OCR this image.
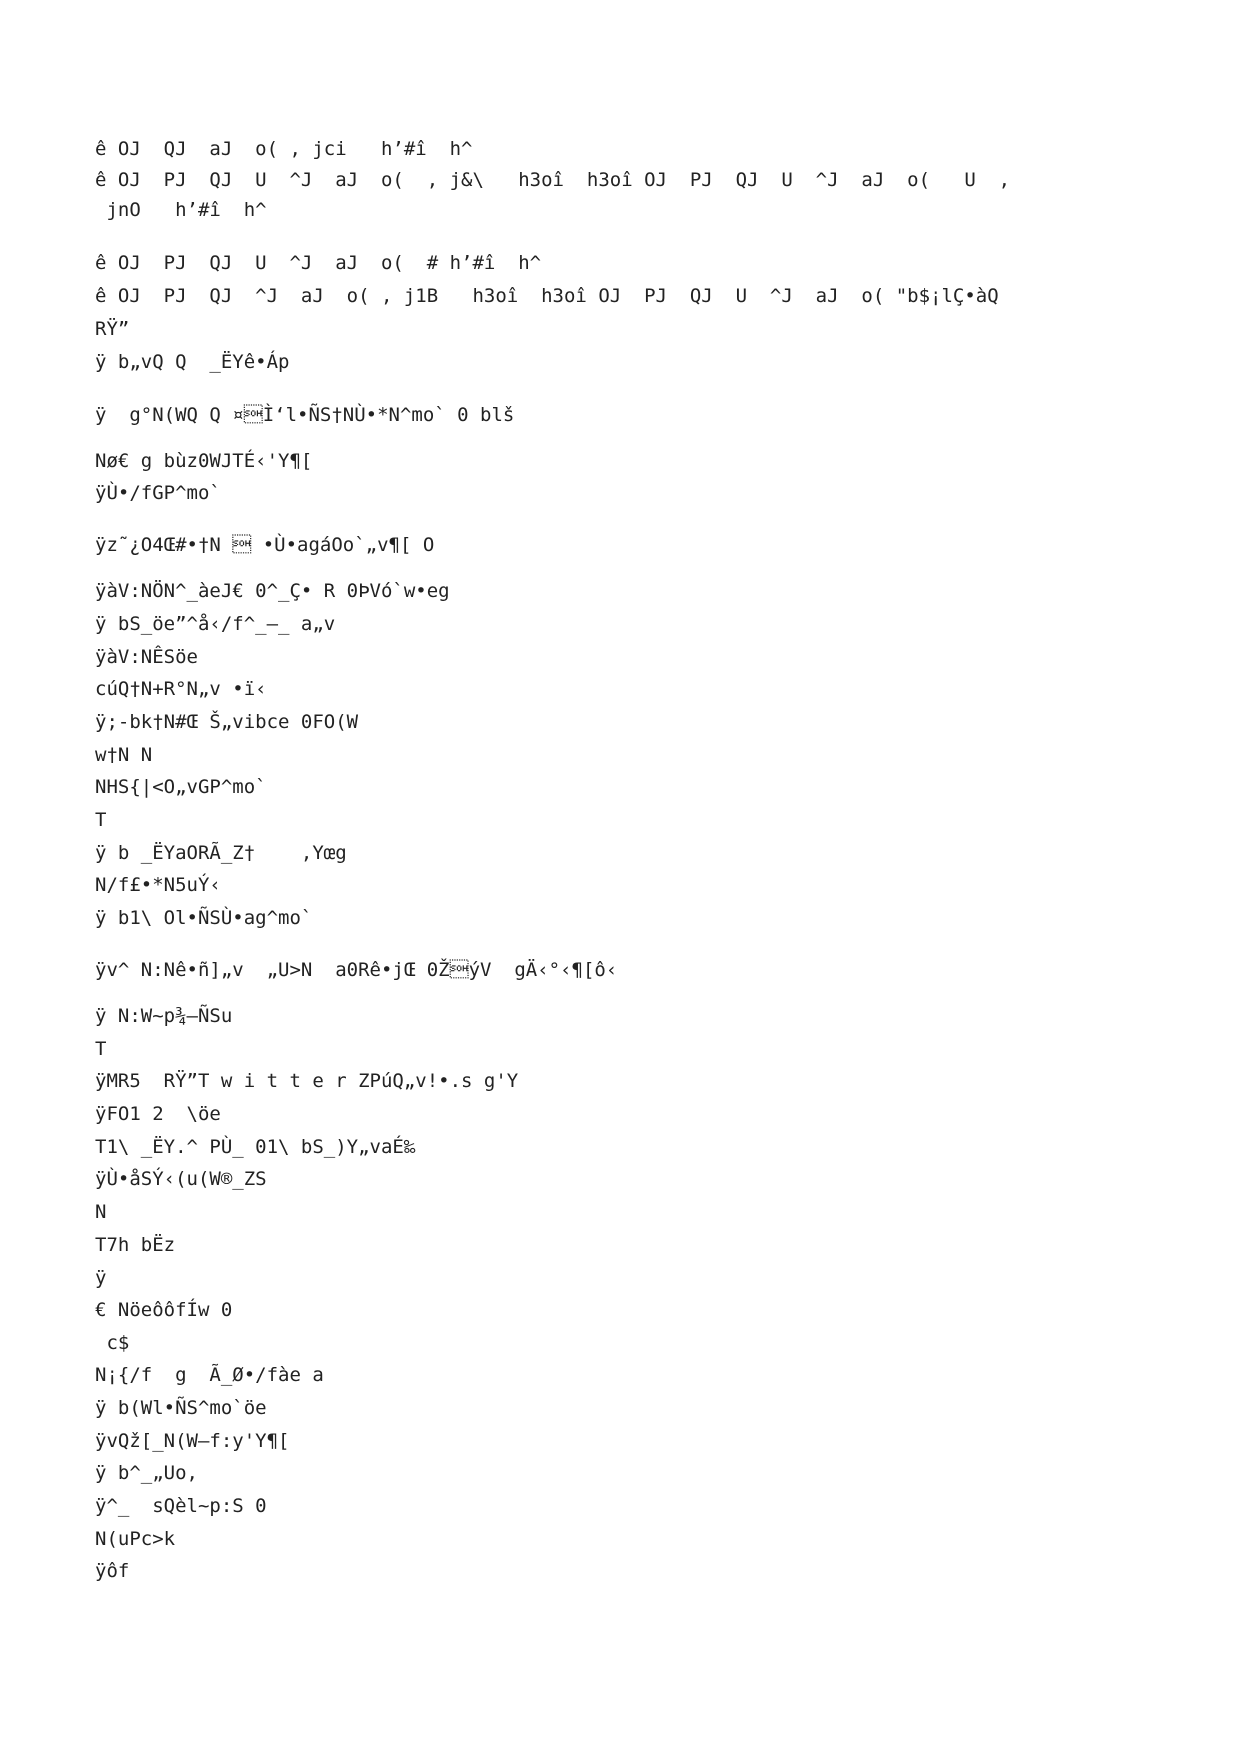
ê OJ  QJ  aJ  o( , jci   h’#î  h^

ê OJ  PJ  QJ  U  ^J  aJ  o(  , j&\   h3oî  h3oî OJ  PJ  QJ  U  ^J  aJ  o(   U  ,

jnO   h’#î  h^

ê OJ  PJ  QJ  U  ^J  aJ  o(  # h’#î  h^

ê OJ  PJ  QJ  ^J  aJ  o( , j1B   h3oî  h3oî OJ  PJ  QJ  U  ^J  aJ  o( "b$¡lÇ•àQ

RŸ”

ÿ b„vQ Q  _ËYê•Áp

ÿ  g°N(WQ Q ¤Ì‘l•ÑS†NÙ•*N^mo` 0 blš

Nø€ g bùz0WJTÉ‹'Y¶[

ÿÙ•/fGP^mo`

ÿz˜¿O4Œ#•†N  •Ù•agáOo`„v¶[ O

ÿàV:NÖN^_àeJ€ 0^_Ç• R 0ÞVó`w•eg

ÿ bS_öe”^å‹/f^_–_ a„v

ÿàV:NÊSöe

cúQ†N+R°N„v •ï‹

ÿ;-bk†N#Œ Š„vibce 0FO(W

w†N N

NHS{|<O„vGP^mo`

T

ÿ b _ËYaORÃ_Z†    ,Yœg

N/f£•*N5uÝ‹

ÿ b1\ Ol•ÑSÙ•ag^mo`

ÿv^ N:Nê•ñ]„v  „U>N  a0Rê•jŒ 0ŽýV  gÄ‹°‹¶[ô‹

ÿ N:W~p¾–ÑSu

T

ÿMR5  RŸ”T w i t t e r ZPúQ„v!•.s g'Y

ÿFO1 2  \öe

T1\ _ËY.^ PÙ_ 01\ bS_)Y„vaÉ‰

ÿÙ•åSÝ‹(u(W®_ZS

N

T7h bËz

ÿ

€ NöeôôfÍw 0

c$

N¡{/f  g  Ã_Ø•/fàe a

ÿ b(Wl•ÑS^mo`öe

ÿvQž[_N(W–f:y'Y¶[

ÿ b^_„Uo,

ÿ^_  sQèl~p:S 0

N(uPc>k

ÿôf
